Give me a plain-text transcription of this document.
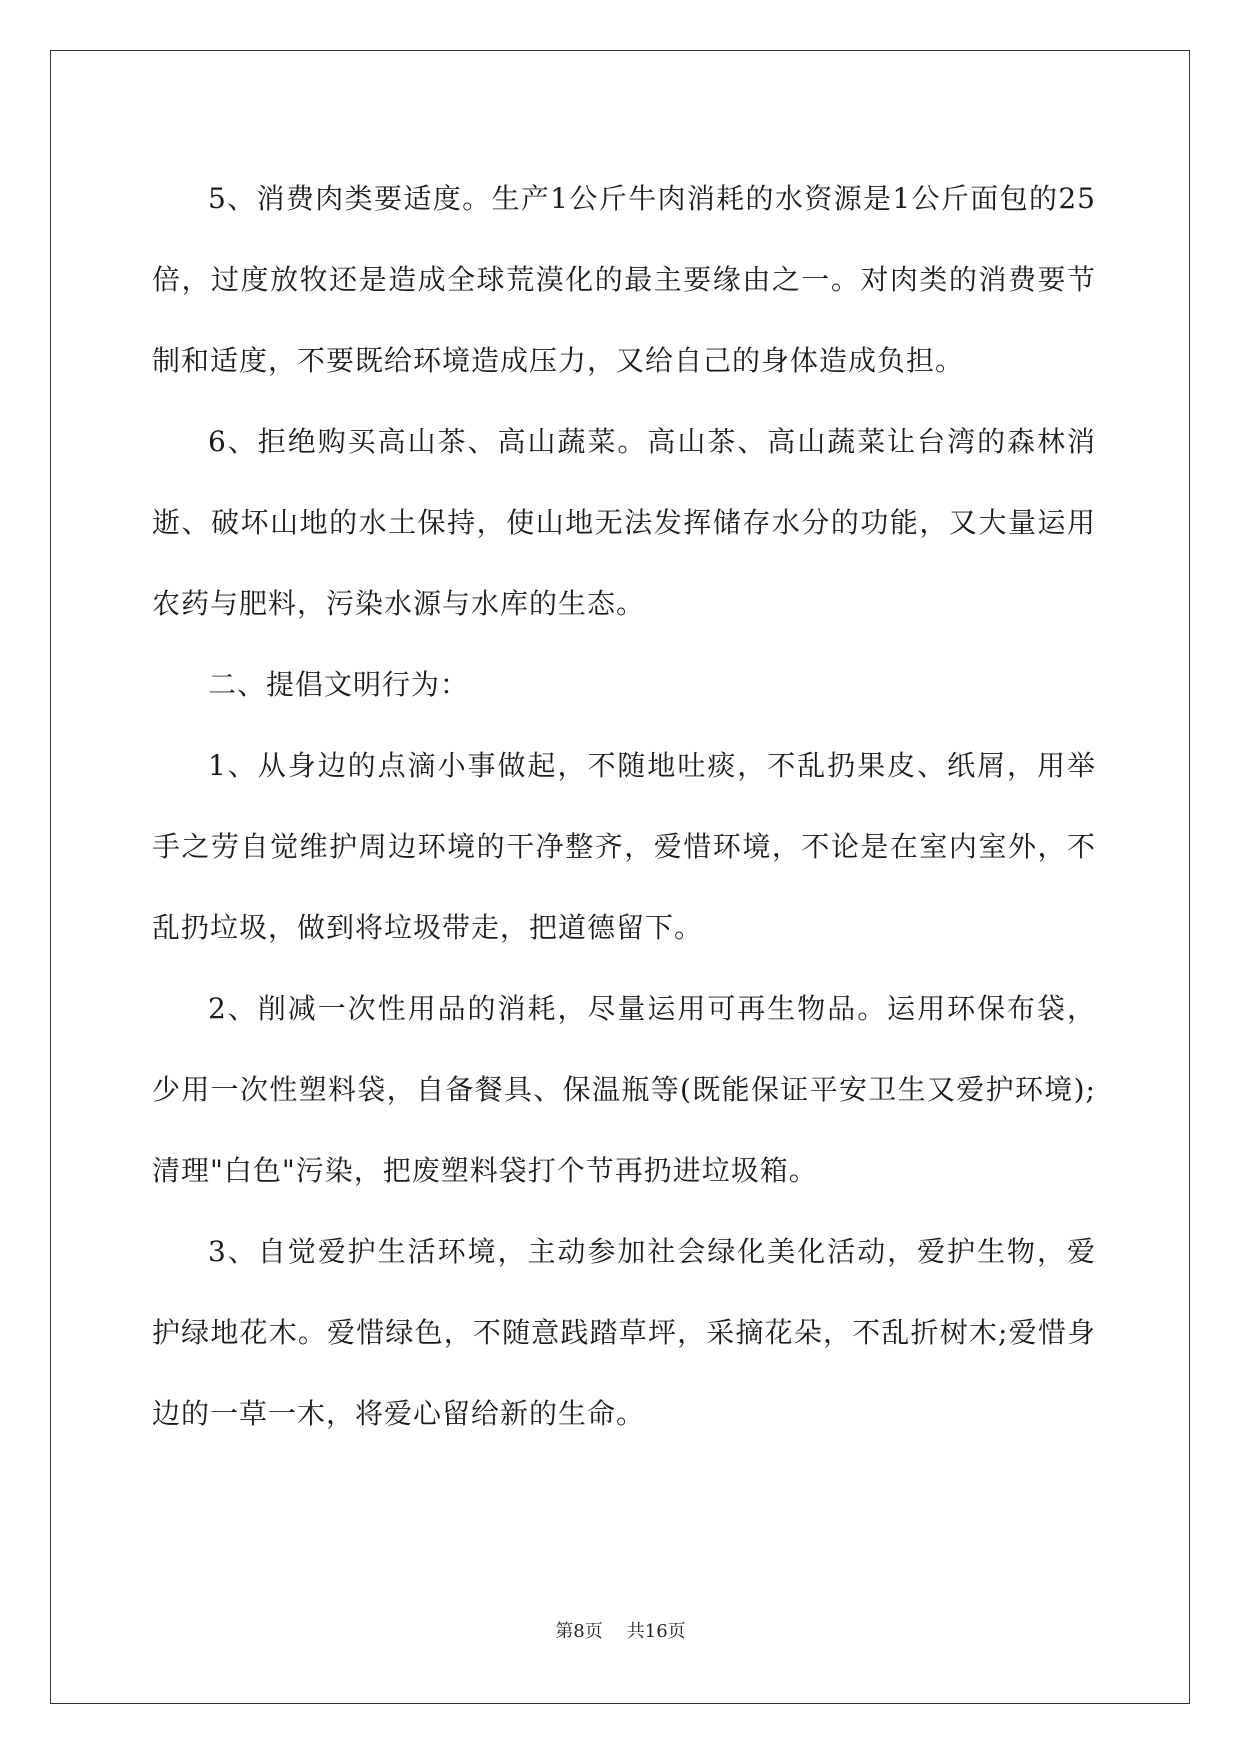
5、消费肉类要适度。生产1公斤牛肉消耗的水资源是1公斤面包的25倍，过度放牧还是造成全球荒漠化的最主要缘由之一。对肉类的消费要节制和适度，不要既给环境造成压力，又给自己的身体造成负担。

6、拒绝购买高山茶、高山蔬菜。高山茶、高山蔬菜让台湾的森林消逝、破坏山地的水土保持，使山地无法发挥储存水分的功能，又大量运用农药与肥料，污染水源与水库的生态。

二、提倡文明行为：

1、从身边的点滴小事做起，不随地吐痰，不乱扔果皮、纸屑，用举手之劳自觉维护周边环境的干净整齐，爱惜环境，不论是在室内室外，不乱扔垃圾，做到将垃圾带走，把道德留下。

2、削减一次性用品的消耗，尽量运用可再生物品。运用环保布袋，少用一次性塑料袋，自备餐具、保温瓶等(既能保证平安卫生又爱护环境);清理"白色"污染，把废塑料袋打个节再扔进垃圾箱。

3、自觉爱护生活环境，主动参加社会绿化美化活动，爱护生物，爱护绿地花木。爱惜绿色，不随意践踏草坪，采摘花朵，不乱折树木;爱惜身边的一草一木，将爱心留给新的生命。

第8页 共16页
